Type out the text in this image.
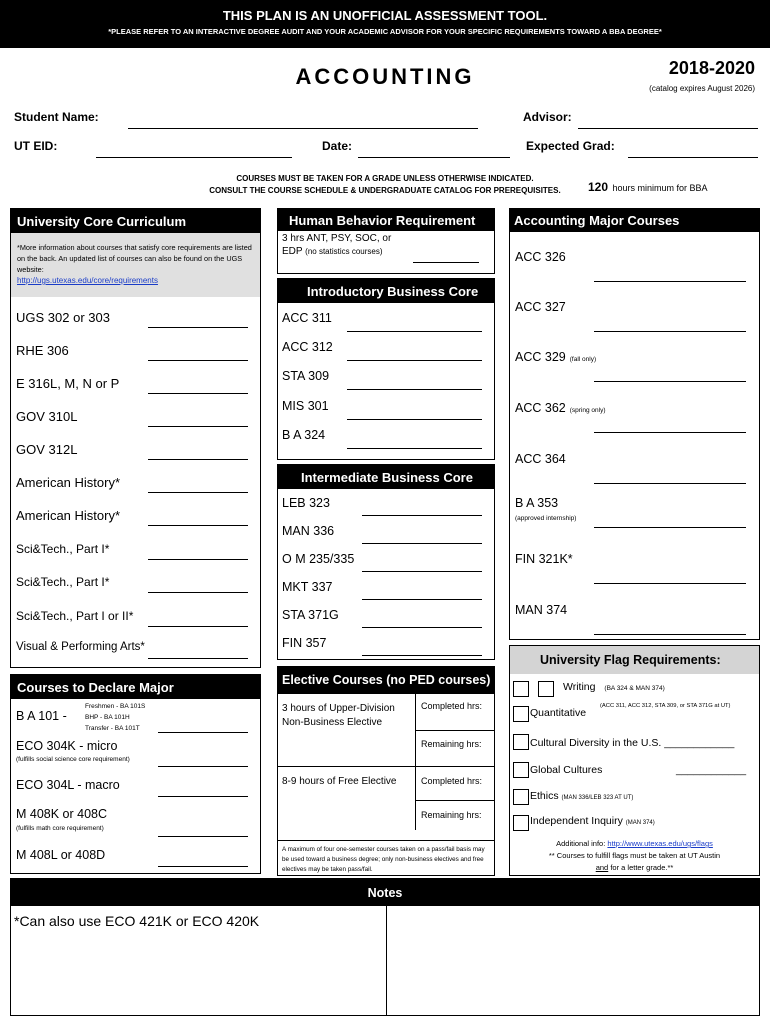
THIS PLAN IS AN UNOFFICIAL ASSESSMENT TOOL.
*PLEASE REFER TO AN INTERACTIVE DEGREE AUDIT AND YOUR ACADEMIC ADVISOR FOR YOUR SPECIFIC REQUIREMENTS TOWARD A BBA DEGREE*
ACCOUNTING	2018-2020
(catalog expires August 2026)
Student Name:	Advisor:
UT EID:	Date:	Expected Grad:
COURSES MUST BE TAKEN FOR A GRADE UNLESS OTHERWISE INDICATED.
CONSULT THE COURSE SCHEDULE & UNDERGRADUATE CATALOG FOR PREREQUISITES.	120 hours minimum for BBA
University Core Curriculum
*More information about courses that satisfy core requirements are listed on the back. An updated list of courses can also be found on the UGS website:
http://ugs.utexas.edu/core/requirements
UGS 302 or 303
RHE 306
E 316L, M, N or P
GOV 310L
GOV 312L
American History*
American History*
Sci&Tech., Part I*
Sci&Tech., Part I*
Sci&Tech., Part I or II*
Visual & Performing Arts*
Courses to Declare Major
B A 101 -
Freshmen - BA 101S
BHP - BA 101H
Transfer - BA 101T
ECO 304K - micro
(fulfills social science core requirement)
ECO 304L - macro
M 408K or 408C
(fulfills math core requirement)
M 408L or 408D
Human Behavior Requirement
3 hrs ANT, PSY, SOC, or
EDP (no statistics courses)
Introductory Business Core
ACC 311
ACC 312
STA 309
MIS 301
B A 324
Intermediate Business Core
LEB 323
MAN 336
O M 235/335
MKT 337
STA 371G
FIN 357
Elective Courses (no PED courses)
3 hours of Upper-Division
Non-Business Elective
Completed hrs:
Remaining hrs:
8-9 hours of Free Elective	Completed hrs:
Remaining hrs:
A maximum of four one-semester courses taken on a pass/fail basis may be used toward a business degree; only non-business electives and free electives may be taken pass/fail.
Accounting Major Courses
ACC 326
ACC 327
ACC 329 (fall only)
ACC 362 (spring only)
ACC 364
B A 353
FIN 321K*
MAN 374
(approved internship)
University Flag Requirements:
Writing (BA 324 & MAN 374)
Quantitative
(ACC 311, ACC 312, STA 309, or STA 371G at UT)
Cultural Diversity in the U.S. ____________
Global Cultures	____________
Ethics (MAN 336/LEB 323 AT UT)
Independent Inquiry (MAN 374)
Additional info: http://www.utexas.edu/ugs/flags
** Courses to fulfill flags must be taken at UT Austin
and for a letter grade.**
Notes
*Can also use ECO 421K or ECO 420K
